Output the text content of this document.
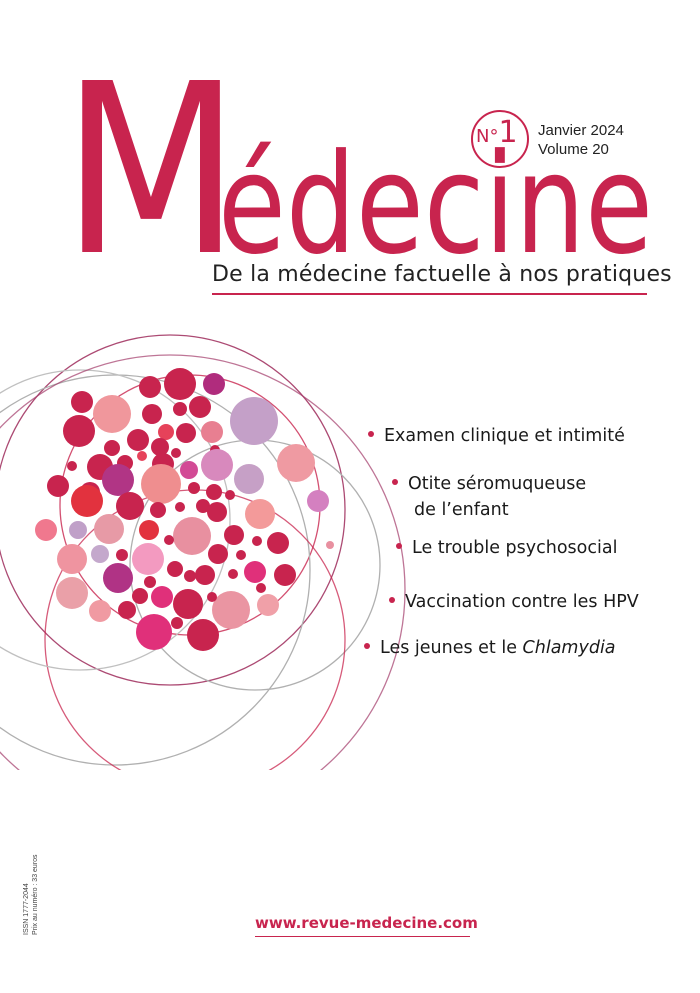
M
édecine
N°1 Janvier 2024
Volume 20
De la médecine factuelle à nos pratiques
Examen clinique et intimité
Otite séromuqueuse
de l’enfant
Le trouble psychosocial
Vaccination contre les HPV
Les jeunes et le Chlamydia
ISSN 1777-2044 Prix au numéro : 33 euros	www.revue-medecine.com
